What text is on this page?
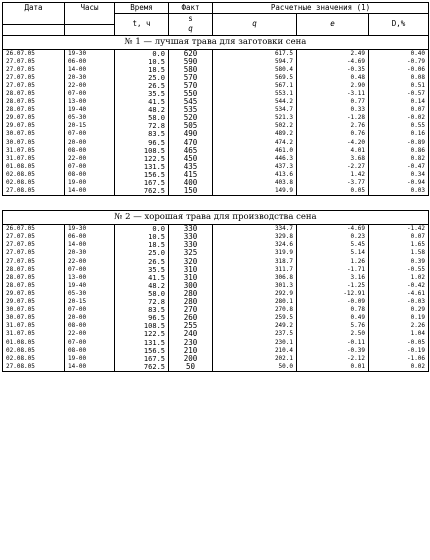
Дата	Часы	Время	Факт	Расчетные значения (1)		
		t, ч	s	q	e	D,%
			q			
№ 1 — лучшая трава для заготовки сена						
26.07.05	19-30	0.0	620	617.5	2.49	0.40
27.07.05	06-00	10.5	590	594.7	-4.69	-0.79
27.07.05	14-00	18.5	580	580.4	-0.35	-0.06
27.07.05	20-30	25.0	570	569.5	0.48	0.08
27.07.05	22-00	26.5	570	567.1	2.90	0.51
28.07.05	07-00	35.5	550	553.1	-3.11	-0.57
28.07.05	13-00	41.5	545	544.2	0.77	0.14
28.07.05	19-40	48.2	535	534.7	0.33	0.07
29.07.05	05-30	58.0	520	521.3	-1.28	-0.02
29.07.05	20-15	72.8	505	502.2	2.76	0.55
30.07.05	07-00	83.5	490	489.2	0.76	0.16
30.07.05	20-00	96.5	470	474.2	-4.20	-0.89
31.07.05	08-00	108.5	465	461.0	4.01	0.86
31.07.05	22-00	122.5	450	446.3	3.68	0.82
01.08.05	07-00	131.5	435	437.3	-2.27	-0.47
02.08.05	08-00	156.5	415	413.6	1.42	0.34
02.08.05	19-00	167.5	400	403.8	-3.77	-0.94
27.08.05	14-00	762.5	150	149.9	0.05	0.03

№ 2 — хорошая трава для производства сена						
26.07.05	19-30	0.0	330	334.7	-4.69	-1.42
27.07.05	06-00	10.5	330	329.8	0.23	0.07
27.07.05	14-00	18.5	330	324.6	5.45	1.65
27.07.05	20-30	25.0	325	319.9	5.14	1.58
27.07.05	22-00	26.5	320	318.7	1.26	0.39
28.07.05	07-00	35.5	310	311.7	-1.71	-0.55
28.07.05	13-00	41.5	310	306.8	3.16	1.02
28.07.05	19-40	48.2	300	301.3	-1.25	-0.42
29.07.05	05-30	58.0	280	292.9	-12.91	-4.61
29.07.05	20-15	72.8	280	280.1	-0.09	-0.03
30.07.05	07-00	83.5	270	270.8	0.78	0.29
30.07.05	20-00	96.5	260	259.5	0.49	0.19
31.07.05	08-00	108.5	255	249.2	5.76	2.26
31.07.05	22-00	122.5	240	237.5	2.50	1.04
01.08.05	07-00	131.5	230	230.1	-0.11	-0.05
02.08.05	08-00	156.5	210	210.4	-0.39	-0.19
02.08.05	19-00	167.5	200	202.1	-2.12	-1.06
27.08.05	14-00	762.5	50	50.0	0.01	0.02
